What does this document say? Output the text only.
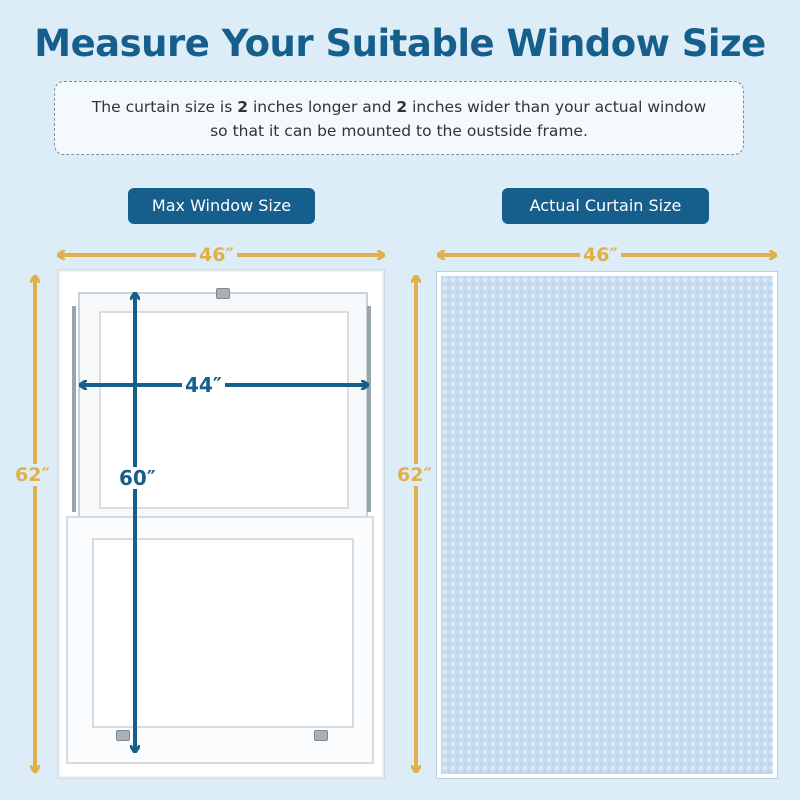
Measure Your Suitable Window Size
The curtain size is 2 inches longer and 2 inches wider than your actual window
so that it can be mounted to the oustside frame.
Max Window Size	Actual Curtain Size
46″
62″
46″
62″
44″
60″
